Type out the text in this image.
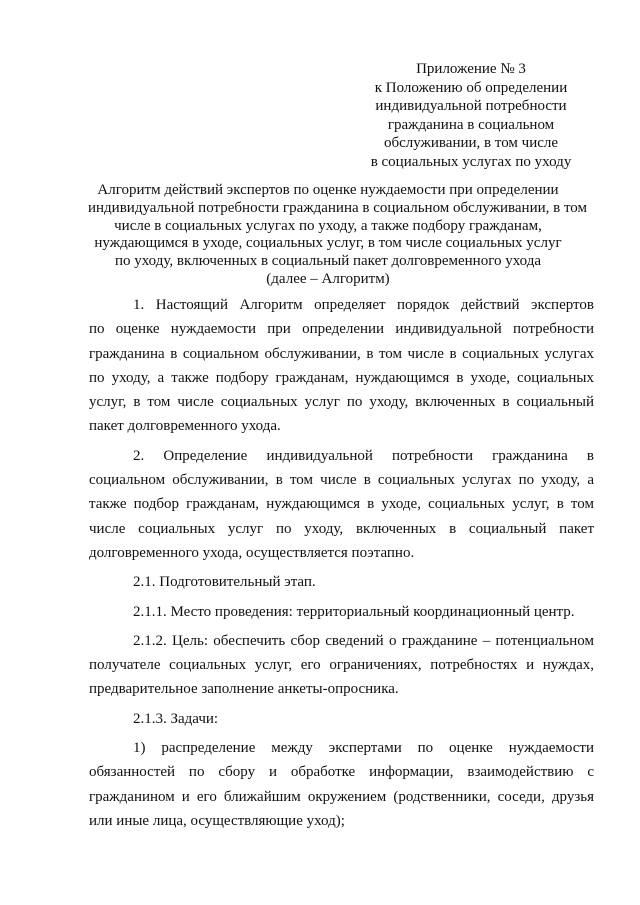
Приложение № 3
к Положению об определении
индивидуальной потребности
гражданина в социальном
обслуживании, в том числе
в социальных услугах по уходу
Алгоритм действий экспертов по оценке нуждаемости при определении
индивидуальной потребности гражданина в социальном обслуживании, в том
числе в социальных услугах по уходу, а также подбору гражданам,
нуждающимся в уходе, социальных услуг, в том числе социальных услуг
по уходу, включенных в социальный пакет долговременного ухода
(далее – Алгоритм)

1. Настоящий Алгоритм определяет порядок действий экспертов
по оценке нуждаемости при определении индивидуальной потребности
гражданина в социальном обслуживании, в том числе в социальных услугах
по уходу, а также подбору гражданам, нуждающимся в уходе, социальных
услуг, в том числе социальных услуг по уходу, включенных в социальный
пакет долговременного ухода.

2. Определение индивидуальной потребности гражданина в
социальном обслуживании, в том числе в социальных услугах по уходу, а
также подбор гражданам, нуждающимся в уходе, социальных услуг, в том
числе социальных услуг по уходу, включенных в социальный пакет
долговременного ухода, осуществляется поэтапно.

2.1. Подготовительный этап.

2.1.1. Место проведения: территориальный координационный центр.

2.1.2. Цель: обеспечить сбор сведений о гражданине – потенциальном
получателе социальных услуг, его ограничениях, потребностях и нуждах,
предварительное заполнение анкеты-опросника.

2.1.3. Задачи:

1) распределение между экспертами по оценке нуждаемости
обязанностей по сбору и обработке информации, взаимодействию с
гражданином и его ближайшим окружением (родственники, соседи, друзья
или иные лица, осуществляющие уход);
